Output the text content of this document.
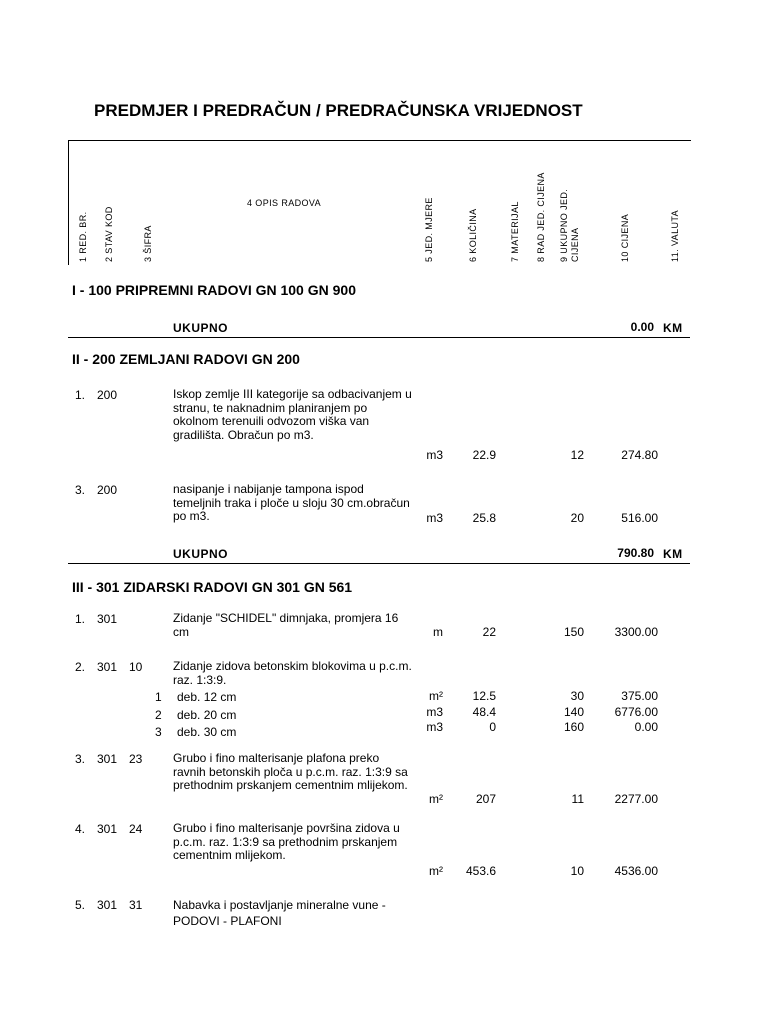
PREDMJER I PREDRAČUN / PREDRAČUNSKA VRIJEDNOST
1 RED. BR. 2 STAV KOD	3 ŠIFRA
4 OPIS RADOVA	5 JED. MJERE	6 KOLIČINA	7 MATERIJAL 8 RAD JED. CIJENA 9 UKUPNO JED. CIJENA	10 CIJENA	11. VALUTA
I - 100 PRIPREMNI RADOVI GN 100 GN 900
UKUPNO	0.00 KM
II - 200 ZEMLJANI RADOVI GN 200
1. 200	Iskop zemlje III kategorije sa odbacivanjem u stranu, te naknadnim planiranjem po okolnom terenuili odvozom viška van gradilišta. Obračun po m3.
m3	22.9	12	274.80
3. 200	nasipanje i nabijanje tampona ispod temeljnih traka i ploče u sloju 30 cm.obračun po m3.	m3	25.8	20	516.00
UKUPNO	790.80 KM
III - 301 ZIDARSKI RADOVI GN 301 GN 561
1. 301	Zidanje "SCHIDEL" dimnjaka, promjera 16 cm	m	22	150	3300.00
2. 301 10	Zidanje zidova betonskim blokovima u p.c.m. raz. 1:3:9.
1 deb. 12 cm	m²	12.5	30	375.00
2 deb. 20 cm	m3	48.4	140	6776.00
3 deb. 30 cm	m3	0	160	0.00
3. 301 23	Grubo i fino malterisanje plafona preko ravnih betonskih ploča u p.c.m. raz. 1:3:9 sa prethodnim prskanjem cementnim mlijekom.
m²	207	11	2277.00
4. 301 24	Grubo i fino malterisanje površina zidova u p.c.m. raz. 1:3:9 sa prethodnim prskanjem cementnim mlijekom.
m²	453.6	10	4536.00
5. 301 31	Nabavka i postavljanje mineralne vune -
PODOVI - PLAFONI
